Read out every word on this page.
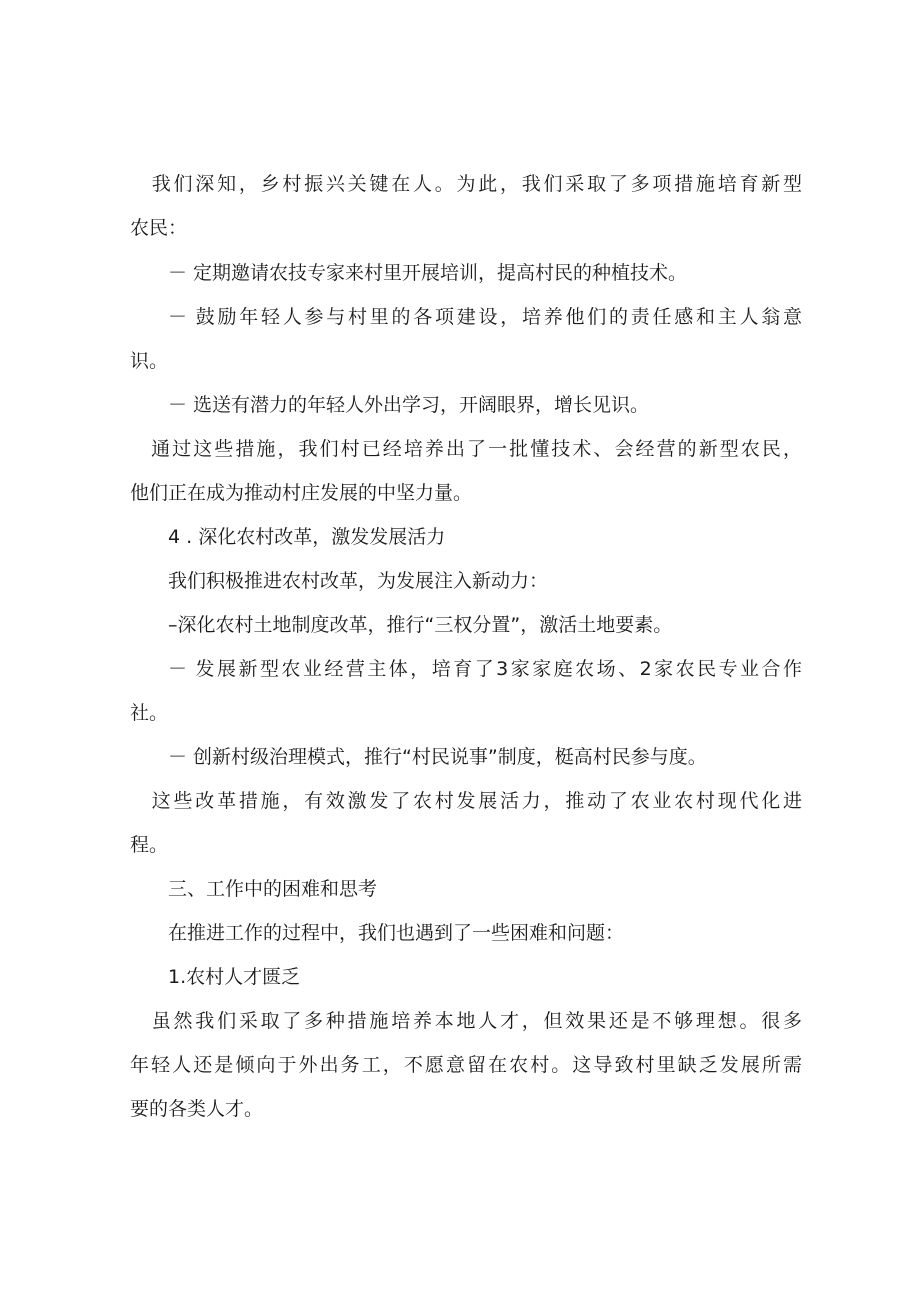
　我们深知，乡村振兴关键在人。为此，我们采取了多项措施培育新型
农民：
－ 定期邀请农技专家来村里开展培训，提高村民的种植技术。
－ 鼓励年轻人参与村里的各项建设，培养他们的责任感和主人翁意
识。
－ 选送有潜力的年轻人外出学习，开阔眼界，增长见识。
　通过这些措施，我们村已经培养出了一批懂技术、会经营的新型农民，
他们正在成为推动村庄发展的中坚力量。
4 . 深化农村改革，激发发展活力
我们积极推进农村改革，为发展注入新动力：
–深化农村土地制度改革，推行“三权分置”，激活土地要素。
－ 发展新型农业经营主体，培育了3家家庭农场、2家农民专业合作
社。
－ 创新村级治理模式，推行“村民说事”制度，梃高村民参与度。
　这些改革措施，有效激发了农村发展活力，推动了农业农村现代化进
程。
三、工作中的困难和思考
在推进工作的过程中，我们也遇到了一些困难和问题：
1.农村人才匮乏
　虽然我们采取了多种措施培养本地人才，但效果还是不够理想。很多
年轻人还是倾向于外出务工，不愿意留在农村。这导致村里缺乏发展所需
要的各类人才。
